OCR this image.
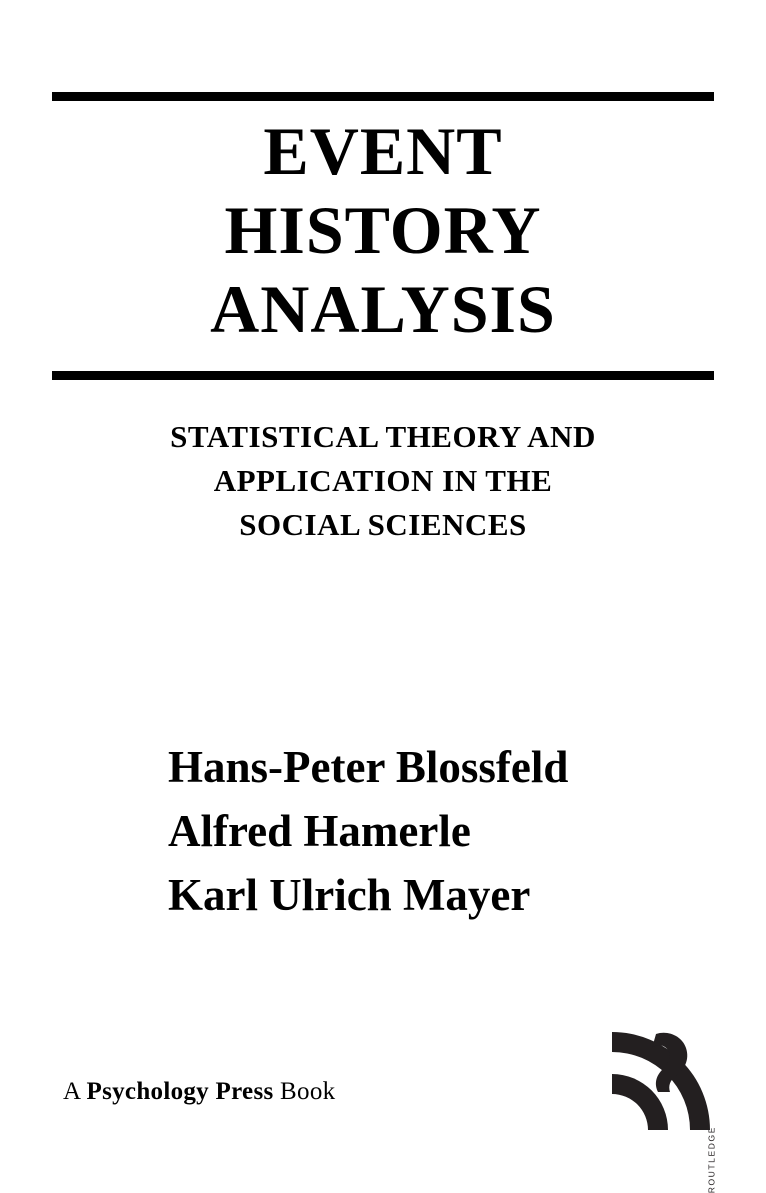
EVENT
HISTORY
ANALYSIS
STATISTICAL THEORY AND
APPLICATION IN THE
SOCIAL SCIENCES
Hans-Peter Blossfeld
Alfred Hamerle
Karl Ulrich Mayer
A Psychology Press Book
ROUTLEDGE
